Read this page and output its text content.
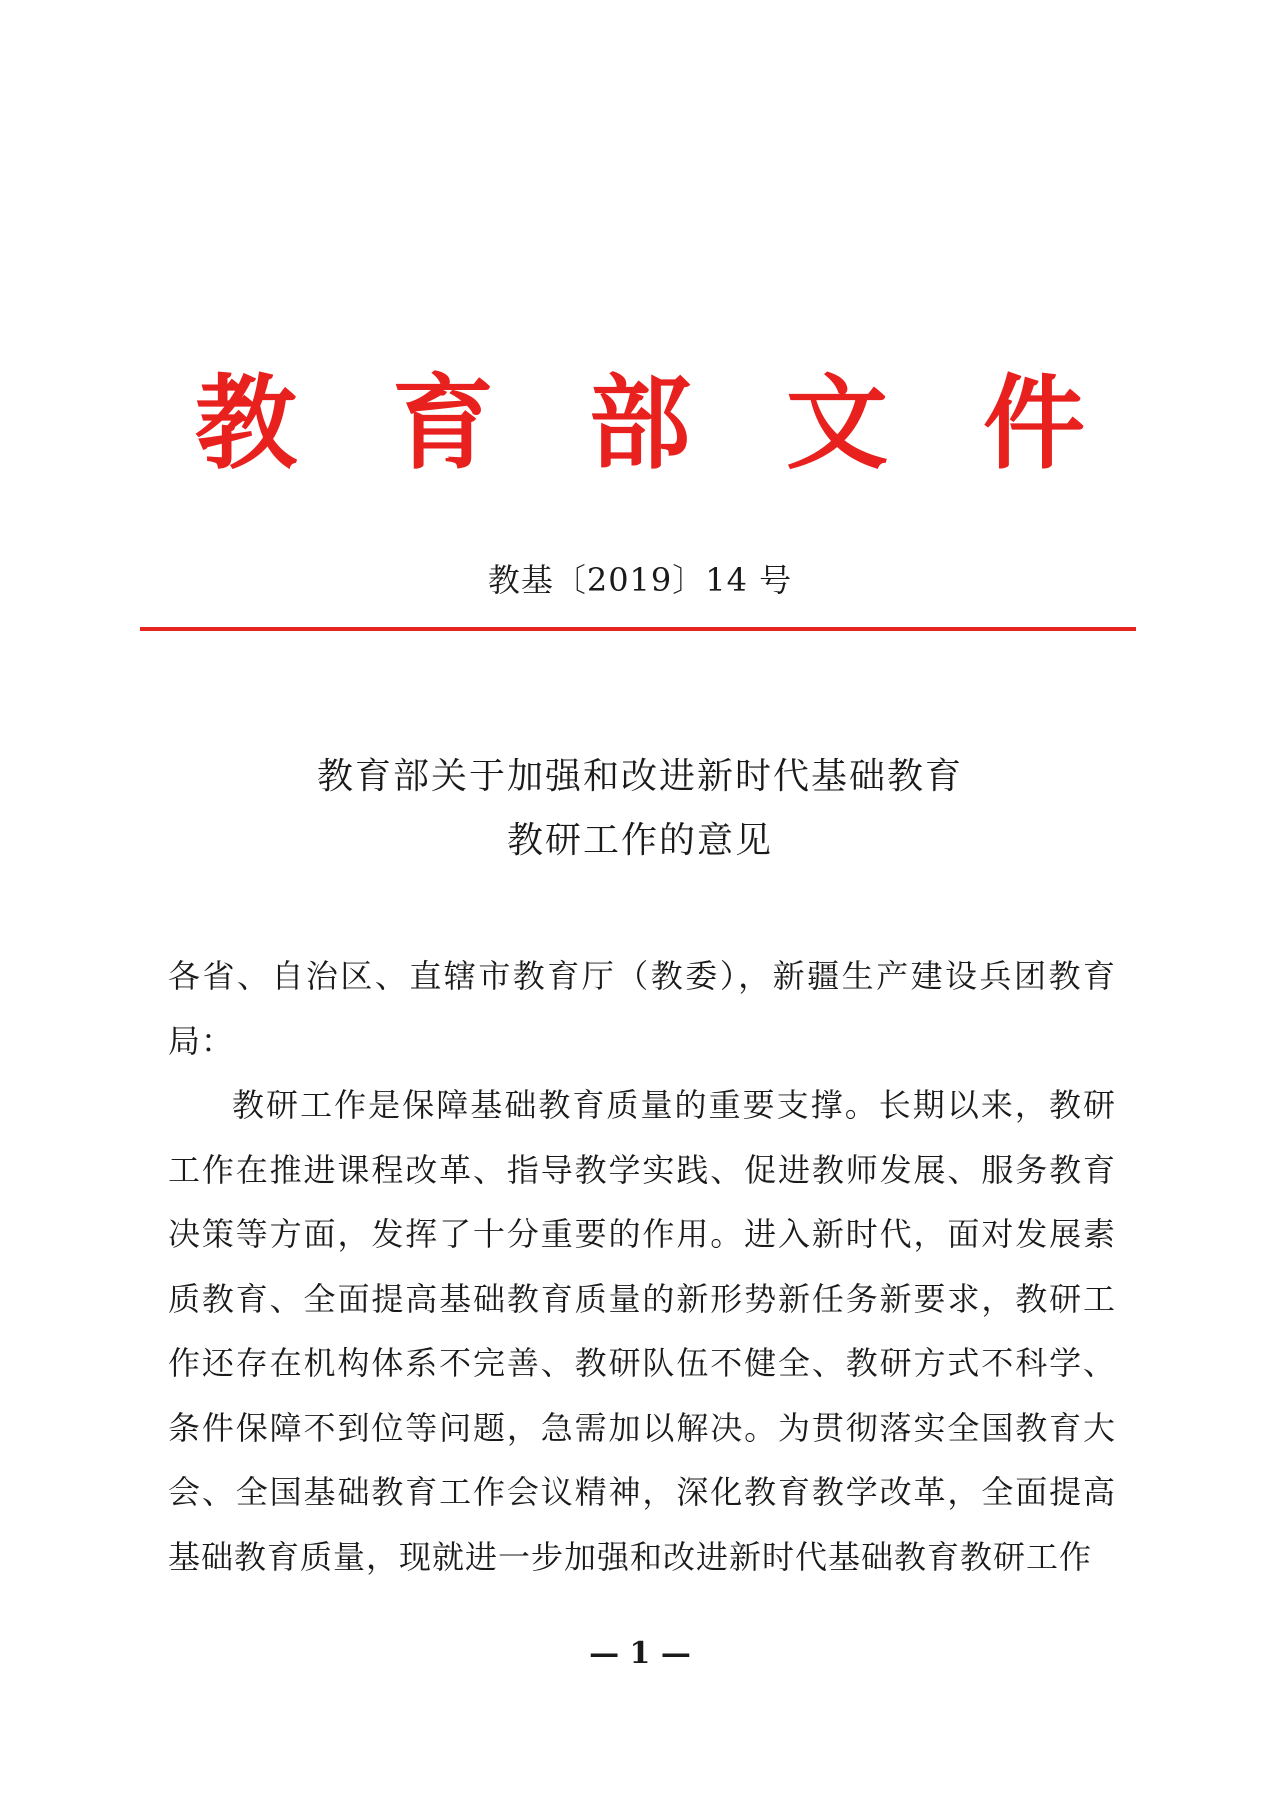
教 育 部 文 件
教基〔2019〕14 号
教育部关于加强和改进新时代基础教育
教研工作的意见

各省、自治区、直辖市教育厅（教委），新疆生产建设兵团教育局：

教研工作是保障基础教育质量的重要支撑。长期以来，教研工作在推进课程改革、指导教学实践、促进教师发展、服务教育决策等方面，发挥了十分重要的作用。进入新时代，面对发展素质教育、全面提高基础教育质量的新形势新任务新要求，教研工作还存在机构体系不完善、教研队伍不健全、教研方式不科学、条件保障不到位等问题，急需加以解决。为贯彻落实全国教育大会、全国基础教育工作会议精神，深化教育教学改革，全面提高基础教育质量，现就进一步加强和改进新时代基础教育教研工作

— 1 —
